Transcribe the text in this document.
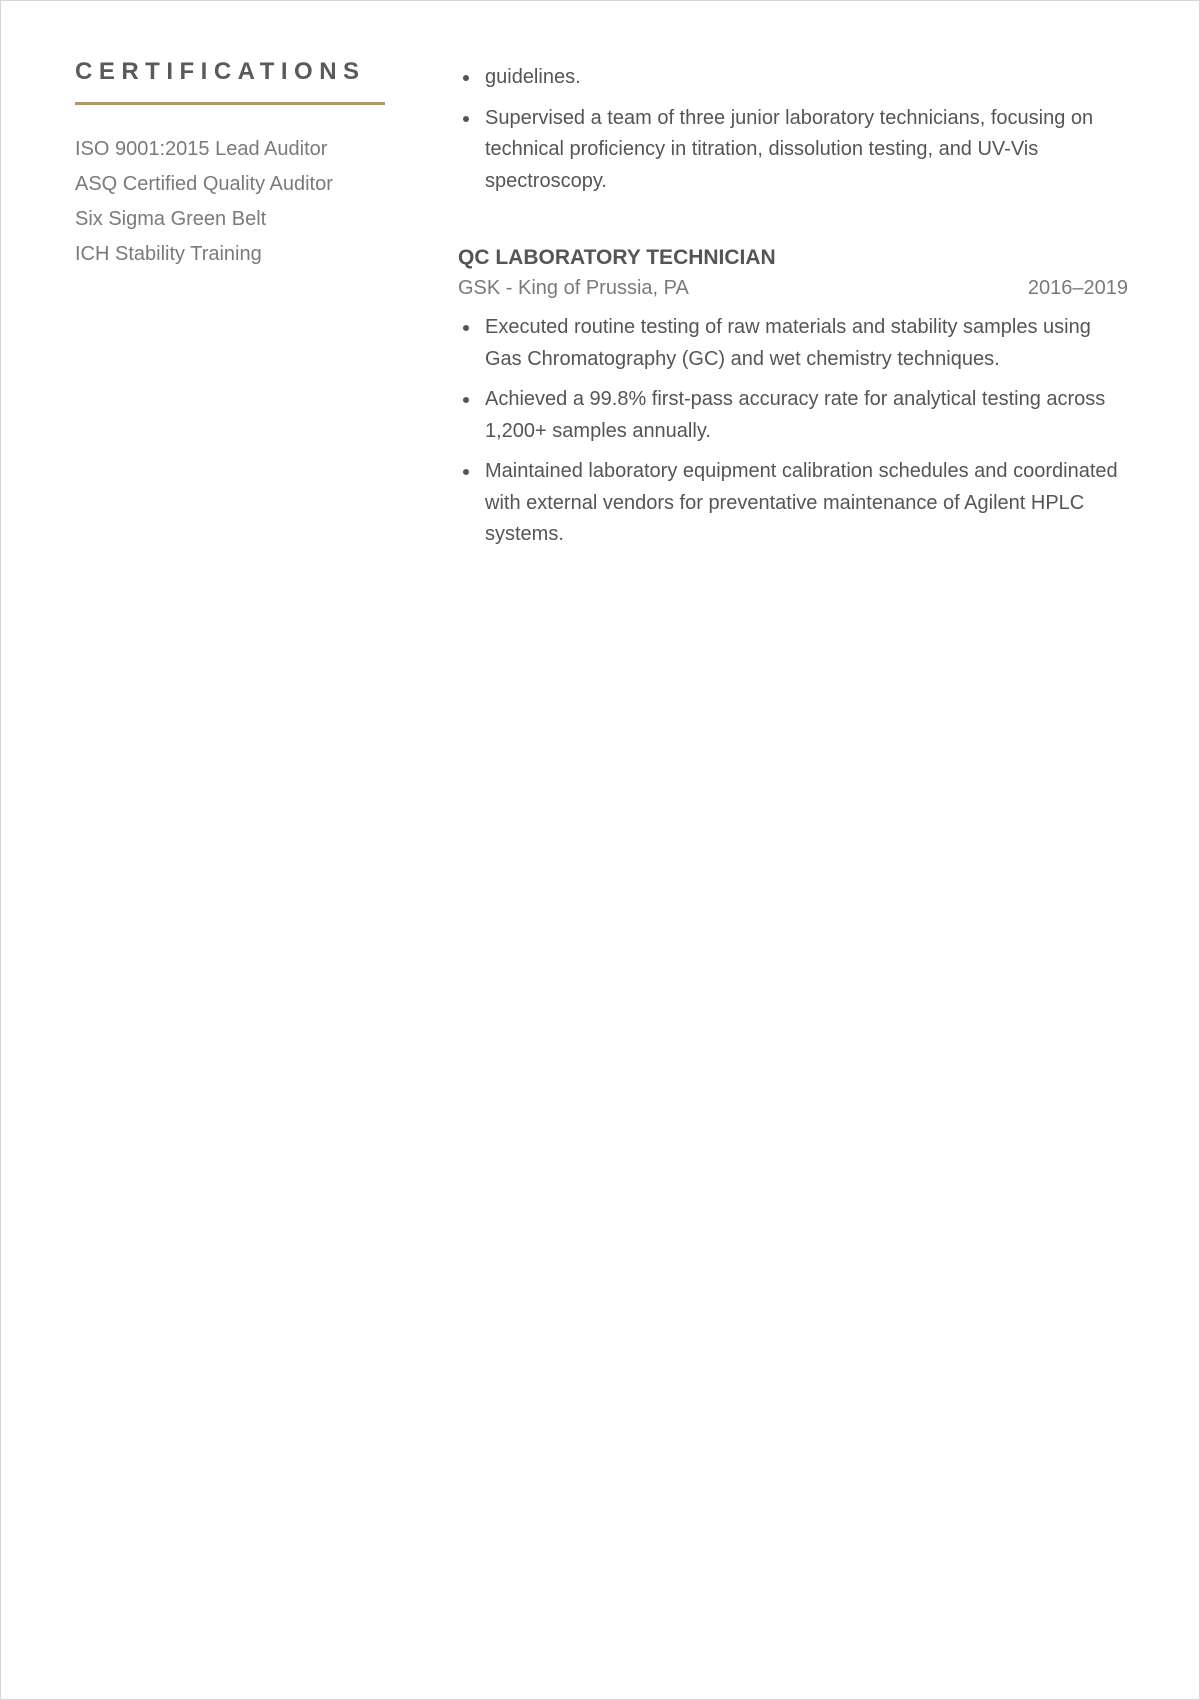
CERTIFICATIONS
ISO 9001:2015 Lead Auditor
ASQ Certified Quality Auditor
Six Sigma Green Belt
ICH Stability Training
guidelines.
Supervised a team of three junior laboratory technicians, focusing on technical proficiency in titration, dissolution testing, and UV-Vis spectroscopy.
QC LABORATORY TECHNICIAN
GSK - King of Prussia, PA	2016–2019
Executed routine testing of raw materials and stability samples using Gas Chromatography (GC) and wet chemistry techniques.
Achieved a 99.8% first-pass accuracy rate for analytical testing across 1,200+ samples annually.
Maintained laboratory equipment calibration schedules and coordinated with external vendors for preventative maintenance of Agilent HPLC systems.
